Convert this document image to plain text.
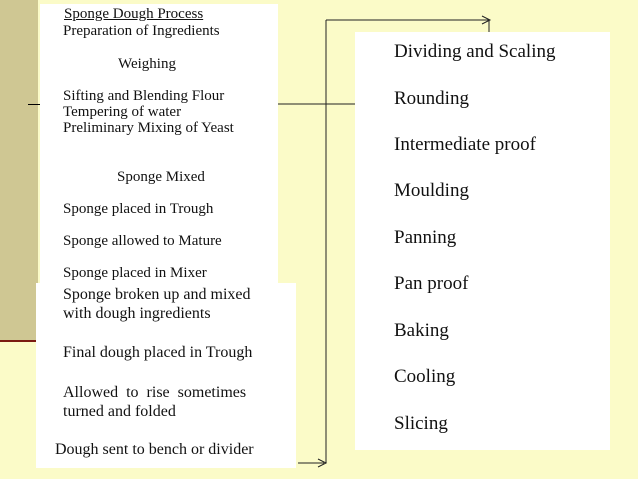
Sponge Dough Process
Preparation of Ingredients
Weighing
Sifting and Blending Flour
Tempering of water
Preliminary Mixing of Yeast
Sponge Mixed
Sponge placed in Trough
Sponge allowed to Mature
Sponge placed in Mixer
Sponge broken up and mixed
with dough ingredients
Final dough placed in Trough
Allowed to rise sometimes
turned and folded
Dough sent to bench or divider
Dividing and Scaling
Rounding
Intermediate proof
Moulding
Panning
Pan proof
Baking
Cooling
Slicing
